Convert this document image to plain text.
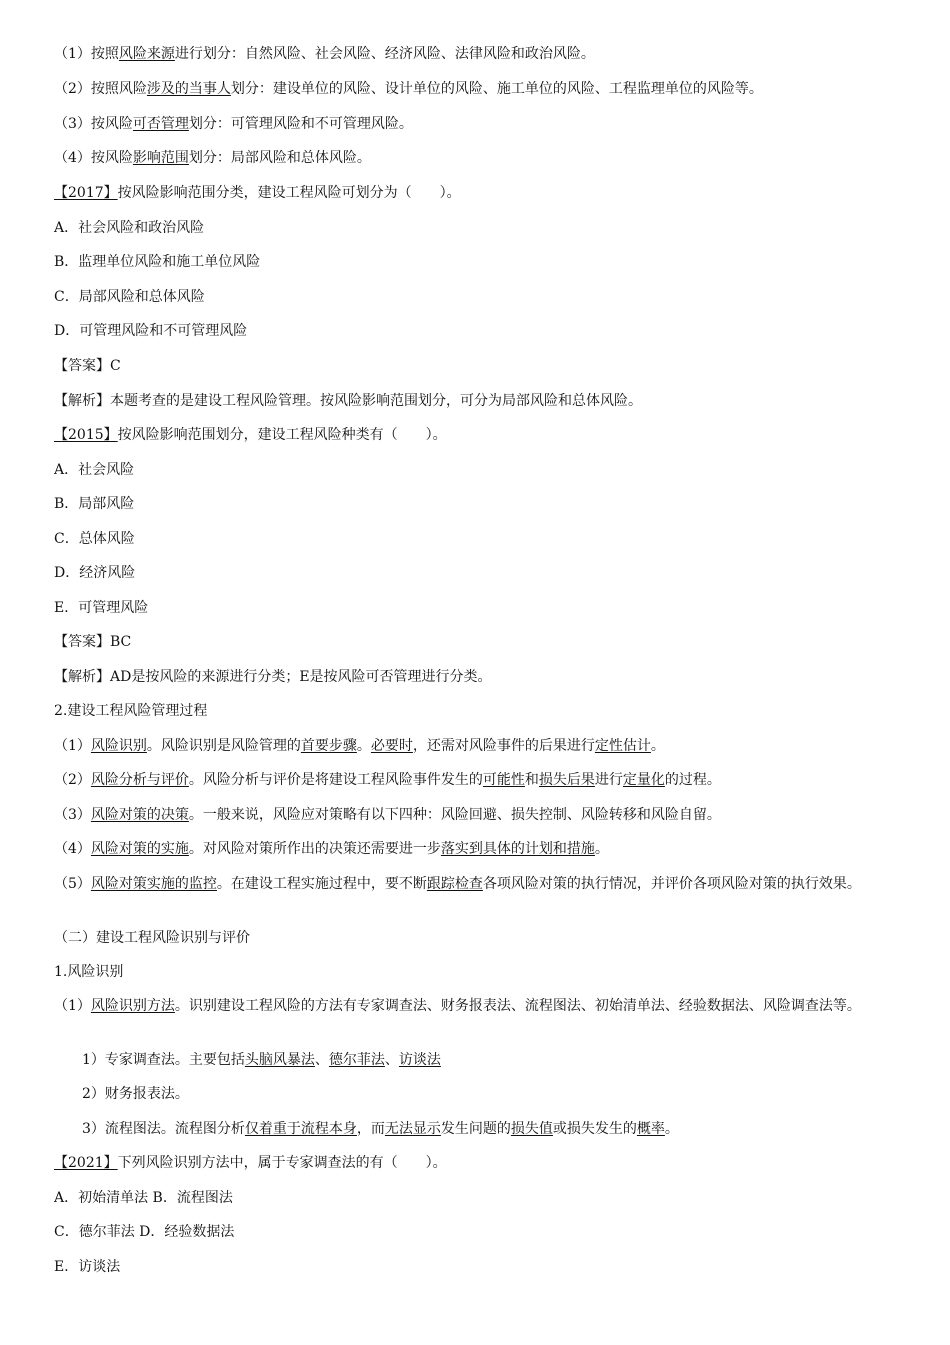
（1）按照风险来源进行划分：自然风险、社会风险、经济风险、法律风险和政治风险。
（2）按照风险涉及的当事人划分：建设单位的风险、设计单位的风险、施工单位的风险、工程监理单位的风险等。
（3）按风险可否管理划分：可管理风险和不可管理风险。
（4）按风险影响范围划分：局部风险和总体风险。
【2017】按风险影响范围分类，建设工程风险可划分为（　　）。
A．社会风险和政治风险
B．监理单位风险和施工单位风险
C．局部风险和总体风险
D．可管理风险和不可管理风险
【答案】C
【解析】本题考查的是建设工程风险管理。按风险影响范围划分，可分为局部风险和总体风险。
【2015】按风险影响范围划分，建设工程风险种类有（　　）。
A．社会风险
B．局部风险
C．总体风险
D．经济风险
E．可管理风险
【答案】BC
【解析】AD是按风险的来源进行分类；E是按风险可否管理进行分类。
2.建设工程风险管理过程
（1）风险识别。风险识别是风险管理的首要步骤。必要时，还需对风险事件的后果进行定性估计。
（2）风险分析与评价。风险分析与评价是将建设工程风险事件发生的可能性和损失后果进行定量化的过程。
（3）风险对策的决策。一般来说，风险应对策略有以下四种：风险回避、损失控制、风险转移和风险自留。
（4）风险对策的实施。对风险对策所作出的决策还需要进一步落实到具体的计划和措施。
（5）风险对策实施的监控。在建设工程实施过程中，要不断跟踪检查各项风险对策的执行情况，并评价各项风险对策的执行效果。
（二）建设工程风险识别与评价
1.风险识别
（1）风险识别方法。识别建设工程风险的方法有专家调查法、财务报表法、流程图法、初始清单法、经验数据法、风险调查法等。
1）专家调查法。主要包括头脑风暴法、德尔菲法、访谈法
2）财务报表法。
3）流程图法。流程图分析仅着重于流程本身，而无法显示发生问题的损失值或损失发生的概率。
【2021】下列风险识别方法中，属于专家调查法的有（　　）。
A．初始清单法 B．流程图法
C．德尔菲法 D．经验数据法
E．访谈法
